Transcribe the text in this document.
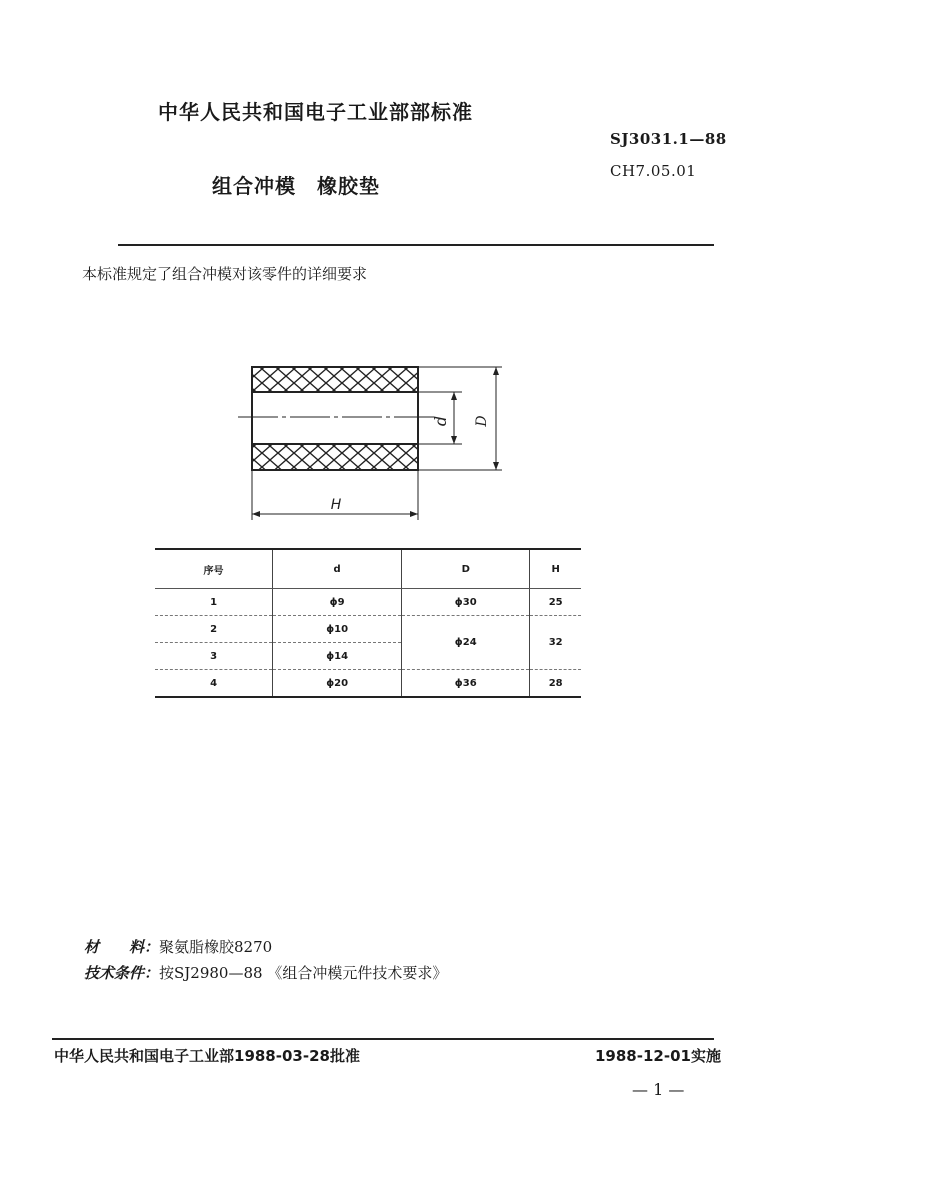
中华人民共和国电子工业部部标准
SJ3031.1—88
CH7.05.01
组合冲模　橡胶垫
本标准规定了组合冲模对该零件的详细要求
d D
H
序号	d	D	H
1	ϕ9	ϕ30	25
2	ϕ10	ϕ24	32
3	ϕ14		
4	ϕ20	ϕ36	28
材　　料：聚氨脂橡胶8270
技术条件：按SJ2980—88 《组合冲模元件技术要求》
中华人民共和国电子工业部1988-03-28批准	1988-12-01实施
— 1 —
